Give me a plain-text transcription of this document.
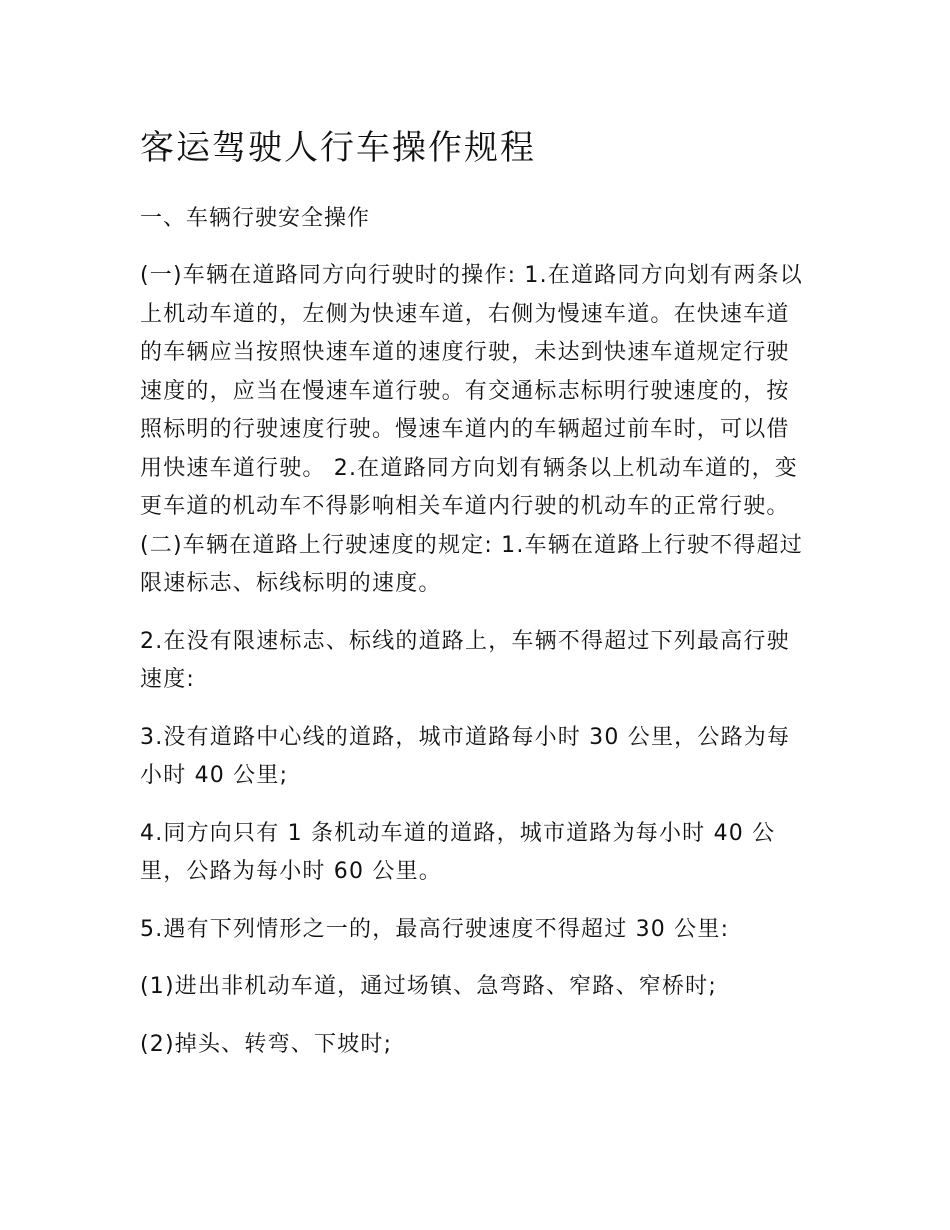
客运驾驶人行车操作规程
一、车辆行驶安全操作

(一)车辆在道路同方向行驶时的操作: 1.在道路同方向划有两条以上机动车道的，左侧为快速车道，右侧为慢速车道。在快速车道的车辆应当按照快速车道的速度行驶，未达到快速车道规定行驶速度的，应当在慢速车道行驶。有交通标志标明行驶速度的，按照标明的行驶速度行驶。慢速车道内的车辆超过前车时，可以借用快速车道行驶。 2.在道路同方向划有辆条以上机动车道的，变更车道的机动车不得影响相关车道内行驶的机动车的正常行驶。 (二)车辆在道路上行驶速度的规定: 1.车辆在道路上行驶不得超过限速标志、标线标明的速度。

2.在没有限速标志、标线的道路上，车辆不得超过下列最高行驶速度:

3.没有道路中心线的道路，城市道路每小时 30 公里，公路为每小时 40 公里;

4.同方向只有 1 条机动车道的道路，城市道路为每小时 40 公里，公路为每小时 60 公里。

5.遇有下列情形之一的，最高行驶速度不得超过 30 公里:

(1)进出非机动车道，通过场镇、急弯路、窄路、窄桥时;

(2)掉头、转弯、下坡时;
